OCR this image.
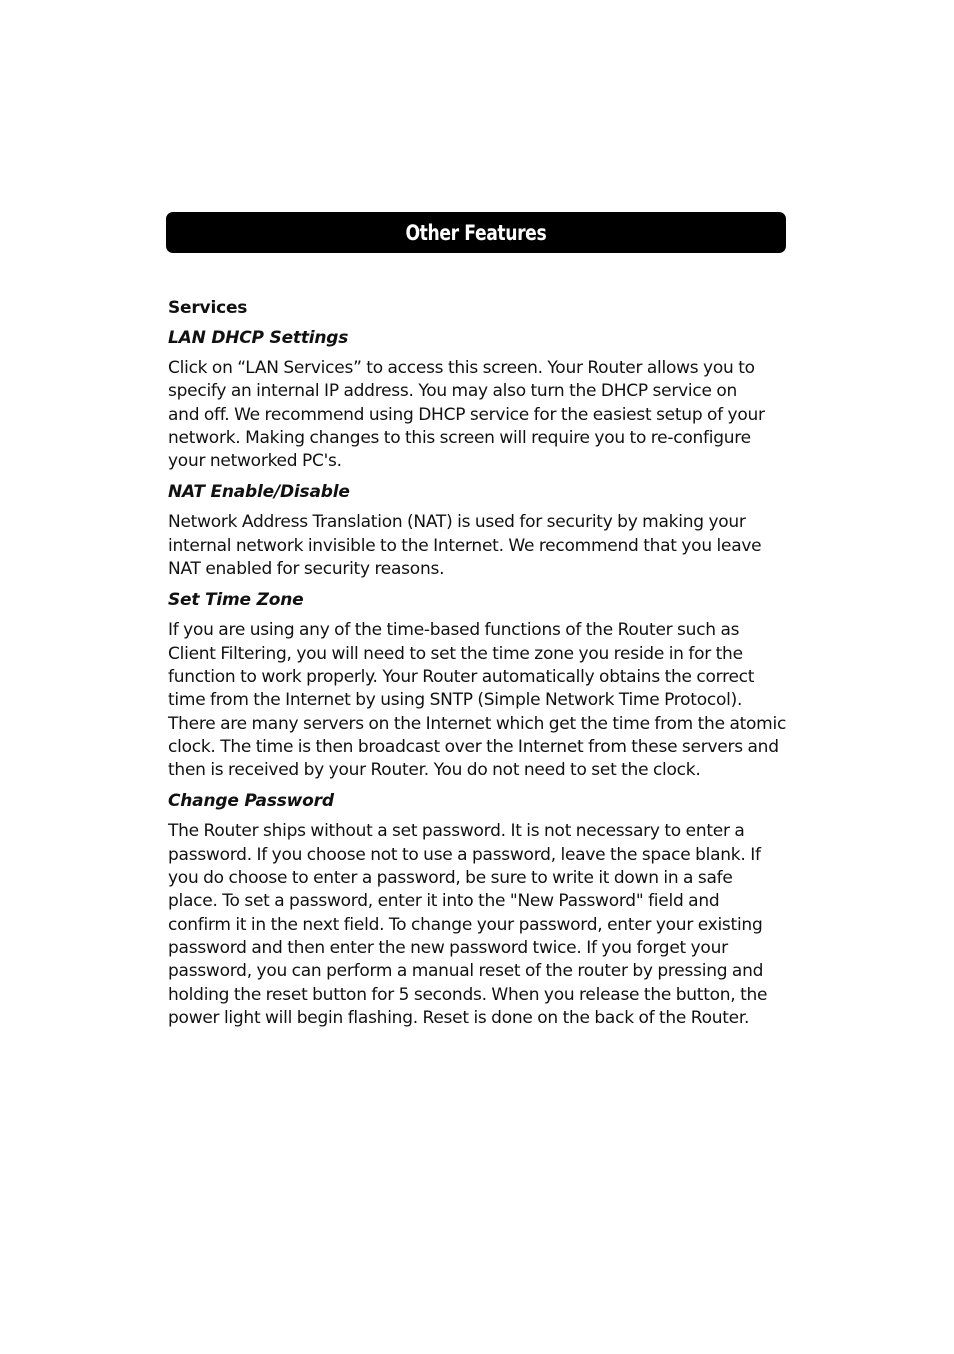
Other Features
Services
LAN DHCP Settings
Click on “LAN Services” to access this screen. Your Router allows you to
specify an internal IP address. You may also turn the DHCP service on
and off. We recommend using DHCP service for the easiest setup of your
network. Making changes to this screen will require you to re-configure
your networked PC's.
NAT Enable/Disable
Network Address Translation (NAT) is used for security by making your
internal network invisible to the Internet. We recommend that you leave
NAT enabled for security reasons.
Set Time Zone
If you are using any of the time-based functions of the Router such as
Client Filtering, you will need to set the time zone you reside in for the
function to work properly. Your Router automatically obtains the correct
time from the Internet by using SNTP (Simple Network Time Protocol).
There are many servers on the Internet which get the time from the atomic
clock. The time is then broadcast over the Internet from these servers and
then is received by your Router. You do not need to set the clock.
Change Password
The Router ships without a set password. It is not necessary to enter a
password. If you choose not to use a password, leave the space blank. If
you do choose to enter a password, be sure to write it down in a safe
place. To set a password, enter it into the "New Password" field and
confirm it in the next field. To change your password, enter your existing
password and then enter the new password twice. If you forget your
password, you can perform a manual reset of the router by pressing and
holding the reset button for 5 seconds. When you release the button, the
power light will begin flashing. Reset is done on the back of the Router.
